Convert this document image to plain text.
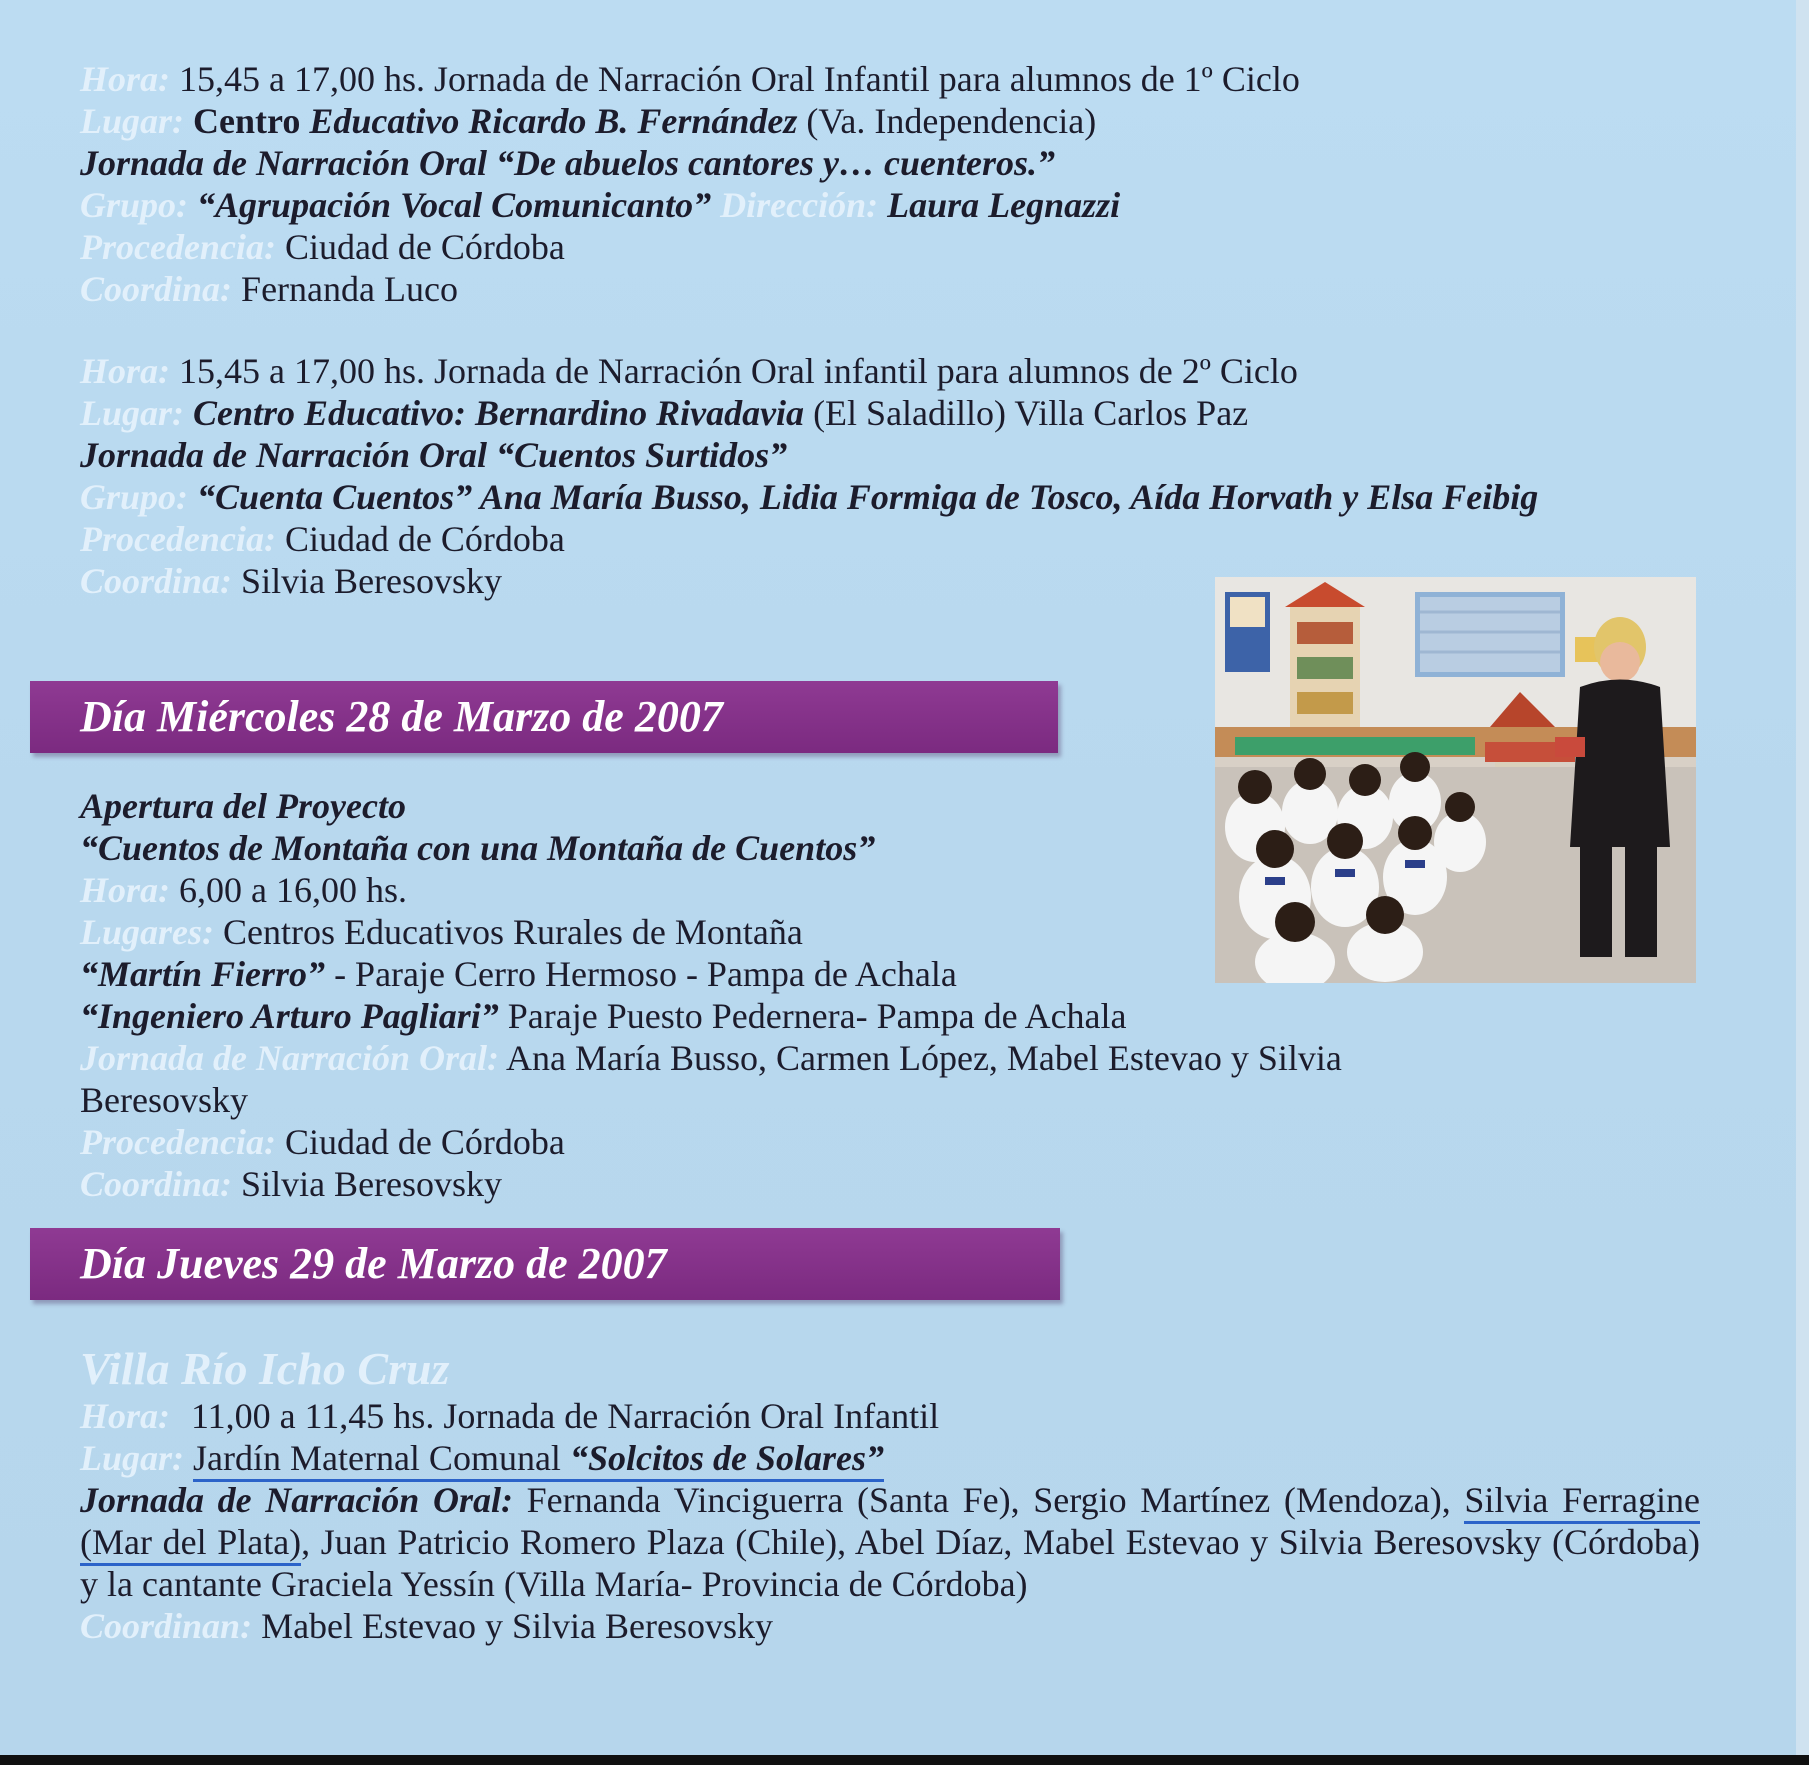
Hora: 15,45 a 17,00 hs. Jornada de Narración Oral Infantil para alumnos de 1º Ciclo
Lugar: Centro Educativo Ricardo B. Fernández (Va. Independencia)
Jornada de Narración Oral “De abuelos cantores y… cuenteros.”
Grupo: “Agrupación Vocal Comunicanto” Dirección: Laura Legnazzi
Procedencia: Ciudad de Córdoba
Coordina: Fernanda Luco
Hora: 15,45 a 17,00 hs. Jornada de Narración Oral infantil para alumnos de 2º Ciclo
Lugar: Centro Educativo: Bernardino Rivadavia (El Saladillo) Villa Carlos Paz
Jornada de Narración Oral “Cuentos Surtidos”
Grupo: “Cuenta Cuentos” Ana María Busso, Lidia Formiga de Tosco, Aída Horvath y Elsa Feibig
Procedencia: Ciudad de Córdoba
Coordina: Silvia Beresovsky
Día Miércoles 28 de Marzo de 2007
Apertura del Proyecto
“Cuentos de Montaña con una Montaña de Cuentos”
Hora: 6,00 a 16,00 hs.
Lugares: Centros Educativos Rurales de Montaña
“Martín Fierro” - Paraje Cerro Hermoso - Pampa de Achala
“Ingeniero Arturo Pagliari” Paraje Puesto Pedernera- Pampa de Achala
Jornada de Narración Oral: Ana María Busso, Carmen López, Mabel Estevao y Silvia Beresovsky
Procedencia: Ciudad de Córdoba
Coordina: Silvia Beresovsky
Día Jueves 29 de Marzo de 2007
Villa Río Icho Cruz
Hora: 11,00 a 11,45 hs. Jornada de Narración Oral Infantil
Lugar: Jardín Maternal Comunal “Solcitos de Solares”
Jornada de Narración Oral: Fernanda Vinciguerra (Santa Fe), Sergio Martínez (Mendoza), Silvia Ferragine (Mar del Plata), Juan Patricio Romero Plaza (Chile), Abel Díaz, Mabel Estevao y Silvia Beresovsky (Córdoba) y la cantante Graciela Yessín (Villa María- Provincia de Córdoba)
Coordinan: Mabel Estevao y Silvia Beresovsky
